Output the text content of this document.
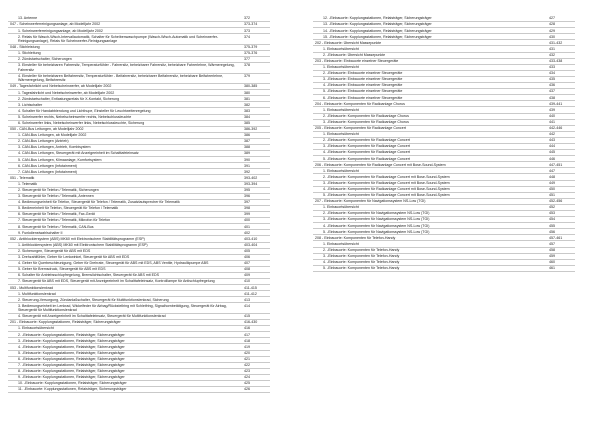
13. Antenne	372
047 - Scheinwerferreinigungsanlage, ab Modelljahr 2002	373-374
1. Scheinwerferreinigungsanlage, ab Modelljahr 2002	373
2. Relais für Wasch-Wisch-Intervallautomatik, Schalter für Scheibenwaschpumpe (Wasch-Wisch-Automatik und Scheinwerfer-Reinigungsanlage), Relais für Scheinwerfer-Reinigungsanlage
374
048 - Stichleistung	375-379
1. Stichleitung	375-376
2. Zündstartschalter, Sicherungen	377
3. Einsteller für beheizbaren Fahrersitz, Temperaturfühler - Fahrersitz, beheizbarer Fahrersitz, beheizbare Fahrerlehne, Wärmeregelung, Fahrersitz
378
4. Einsteller für beheizbaren Beifahrersitz, Temperaturfühler - Beifahrersitz, beheizbarer Beifahrersitz, beheizbare Beifahrerlehne, Wärmeregelung, Beifahrersitz
379
049 - Tagesfahrlicht und Nebelscheinwerfer, ab Modelljahr 2002	380-385
1. Tagesfahrlicht und Nebelscheinwerfer, ab Modelljahr 2002	380
2. Zündstartschalter, Entlastungsrelais für X-Kontakt, Sicherung	381
3. Lichtschalter	382
4. Schalter für Handabblendung und Lichthupe, Einsteller für Leuchtweitenregelung	383
5. Scheinwerfer rechts, Nebelscheinwerfer rechts, Nebelschlussleuchte	384
6. Scheinwerfer links, Nebelscheinwerfer links, Nebelschlussleuchte, Sicherung	385
050 - CAN-Bus Leitungen, ab Modelljahr 2002	386-392
1. CAN-Bus Leitungen, ab Modelljahr 2002	386
2. CAN-Bus Leitungen (Antrieb)	387
3. CAN-Bus Leitungen, Antrieb, Kombisystem	388
4. CAN-Bus Leitungen, Steuergerät mit Anzeigeeinheit im Schalttafeleinsatz	389
5. CAN-Bus Leitungen, Klimaanlage, Komfortsystem	390
6. CAN-Bus Leitungen (Infotainment)	391
7. CAN-Bus Leitungen (Infotainment)	392
051 - Telematik	393-402
1. Telematik	393-394
2. Steuergerät für Telefon / Telematik, Sicherungen	395
3. Steuergerät für Telefon / Telematik, Antennen	396
4. Bedienungseinheit für Telefon, Steuergerät für Telefon / Telematik, Zusatzlautsprecher für Telematik	397
5. Bedieneinheit für Telefon, Steuergerät für Telefon / Telematik	398
6. Steuergerät für Telefon / Telematik, Fax-Gerät	399
7. Steuergerät für Telefon / Telematik, Mikrofon für Telefon	400
8. Steuergerät für Telefon / Telematik, CAN-Bus	401
9. Funkdienstwahlschalter II	402
052 - Antiblockiersystem (ABS) MK60 mit Elektronischem Stabilitätsprogramm (ESP)	403-410
1. Antiblockiersystem (ABS) MK60 mit Elektronischem Stabilitätsprogramm (ESP)	403-404
2. Sicherungen, Steuergerät für ABS mit EDS	405
3. Drehzahlfühler, Geber für Lenkwinkel, Steuergerät für ABS mit EDS	406
4. Geber für Querbeschleunigung, Geber für Drehrate, Steuergerät für ABS mit EDS, ABS Ventile, Hydraulikpumpe ABS	407
5. Geber für Bremsdruck, Steuergerät für ABS mit EDS	408
6. Schalter für Antriebsschlupfregelung, Bremslichtschalter, Steuergerät für ABS mit EDS	409
7. Steuergerät für ABS mit EDS, Steuergerät mit Anzeigeeinheit im Schalttafeleinsatz, Kontrolllampe für Antischlupfregelung	410
053 - Multifunktionslenkrad	411-415
1. Multifunktionslenkrad	411-412
2. Steuerung-Versorgung, Zündanlaßschalter, Steuergerät für Multifunktionslenkrad, Sicherung	413
3. Bedienungseinheit im Lenkrad, Wickelfeder für Airbag/Rückstellring mit Schleifring, Signalhornbetätigung, Steuergerät für Airbag, Steuergerät für Multifunktionslenkrad
414
4. Steuergerät mit Anzeigeeinheit im Schalttafeleinsatz, Steuergerät für Multifunktionslenkrad	415
201 - Einbauorte: Kupplungsstationen, Relaisträger, Sicherungsträger	416-430
1. Einbauortsübersicht	416
2. -Einbauorte: Kupplungsstationen, Relaisträger, Sicherungsträger	417
3. -Einbauorte: Kupplungsstationen, Relaisträger, Sicherungsträger	418
4. -Einbauorte: Kupplungsstationen, Relaisträger, Sicherungsträger	419
5. -Einbauorte: Kupplungsstationen, Relaisträger, Sicherungsträger	420
6. -Einbauorte: Kupplungsstationen, Relaisträger, Sicherungsträger	421
7. -Einbauorte: Kupplungsstationen, Relaisträger, Sicherungsträger	422
8. -Einbauorte: Kupplungsstationen, Relaisträger, Sicherungsträger	423
9. -Einbauorte: Kupplungsstationen, Relaisträger, Sicherungsträger	424
10. -Einbauorte: Kupplungsstationen, Relaisträger, Sicherungsträger	425
11. -Einbauorte: Kupplungsstationen, Relaisträger, Sicherungsträger	426
12. -Einbauorte: Kupplungsstationen, Relaisträger, Sicherungsträger	427
13. -Einbauorte: Kupplungsstationen, Relaisträger, Sicherungsträger	428
14. -Einbauorte: Kupplungsstationen, Relaisträger, Sicherungsträger	429
15. -Einbauorte: Kupplungsstationen, Relaisträger, Sicherungsträger	430
202 - Einbauorte: Übersicht Massepunkte	431-432
1. Einbauortsübersicht	431
2. -Einbauorte: Übersicht Massepunkte	432
203 - Einbauorte: Einbauorte einzelner Steuergeräte	433-438
1. Einbauortsübersicht	433
2. -Einbauorte: Einbauorte einzelner Steuergeräte	434
3. -Einbauorte: Einbauorte einzelner Steuergeräte	435
4. -Einbauorte: Einbauorte einzelner Steuergeräte	436
5. -Einbauorte: Einbauorte einzelner Steuergeräte	437
6. -Einbauorte: Einbauorte einzelner Steuergeräte	438
204 - Einbauorte: Komponenten für Radioanlage Chorus	439-441
1. Einbauortsübersicht	439
2. -Einbauorte: Komponenten für Radioanlage Chorus	440
3. -Einbauorte: Komponenten für Radioanlage Chorus	441
205 - Einbauorte: Komponenten für Radioanlage Concert	442-446
1. Einbauortsübersicht	442
2. -Einbauorte: Komponenten für Radioanlage Concert	443
3. -Einbauorte: Komponenten für Radioanlage Concert	444
4. -Einbauorte: Komponenten für Radioanlage Concert	445
5. -Einbauorte: Komponenten für Radioanlage Concert	446
206 - Einbauorte: Komponenten für Radioanlage Concert mit Bose-Sound-System	447-451
1. Einbauortsübersicht	447
2. -Einbauorte: Komponenten für Radioanlage Concert mit Bose-Sound-System	448
3. -Einbauorte: Komponenten für Radioanlage Concert mit Bose-Sound-System	449
4. -Einbauorte: Komponenten für Radioanlage Concert mit Bose-Sound-System	450
5. -Einbauorte: Komponenten für Radioanlage Concert mit Bose-Sound-System	451
207 - Einbauorte: Komponenten für Navigationssystem NS-Low (TGI)	452-456
1. Einbauortsübersicht	452
2. -Einbauorte: Komponenten für Navigationssystem NS-Low (TGI)	453
3. -Einbauorte: Komponenten für Navigationssystem NS-Low (TGI)	454
4. -Einbauorte: Komponenten für Navigationssystem NS-Low (TGI)	455
5. -Einbauorte: Komponenten für Navigationssystem NS-Low (TGI)	456
208 - Einbauorte: Komponenten für Telefon-Handy	457-461
1. Einbauortsübersicht	457
2. -Einbauorte: Komponenten für Telefon-Handy	458
3. -Einbauorte: Komponenten für Telefon-Handy	459
4. -Einbauorte: Komponenten für Telefon-Handy	460
5. -Einbauorte: Komponenten für Telefon-Handy	461
